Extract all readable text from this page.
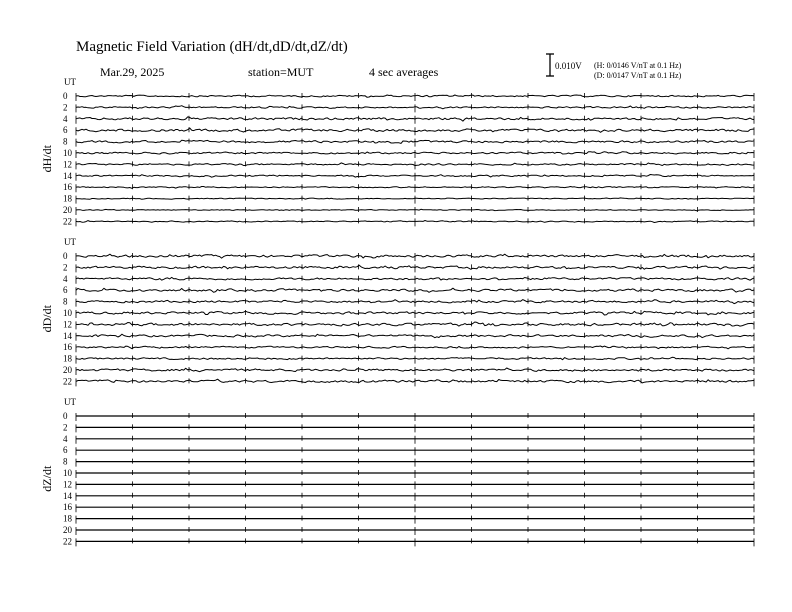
UT
dH/dt
0
2
4
6
8
10
12
14
16
18
20
22
UT
dD/dt
0
2
4
6
8
10
12
14
16
18
20
22
UT
dZ/dt
0
2
4
6
8
10
12
14
16
18
20
22
Magnetic Field Variation (dH/dt,dD/dt,dZ/dt)
Mar.29, 2025	station=MUT	4 sec averages	0.010V (H: 0/0146 V/nT at 0.1 Hz)
(D: 0/0147 V/nT at 0.1 Hz)
